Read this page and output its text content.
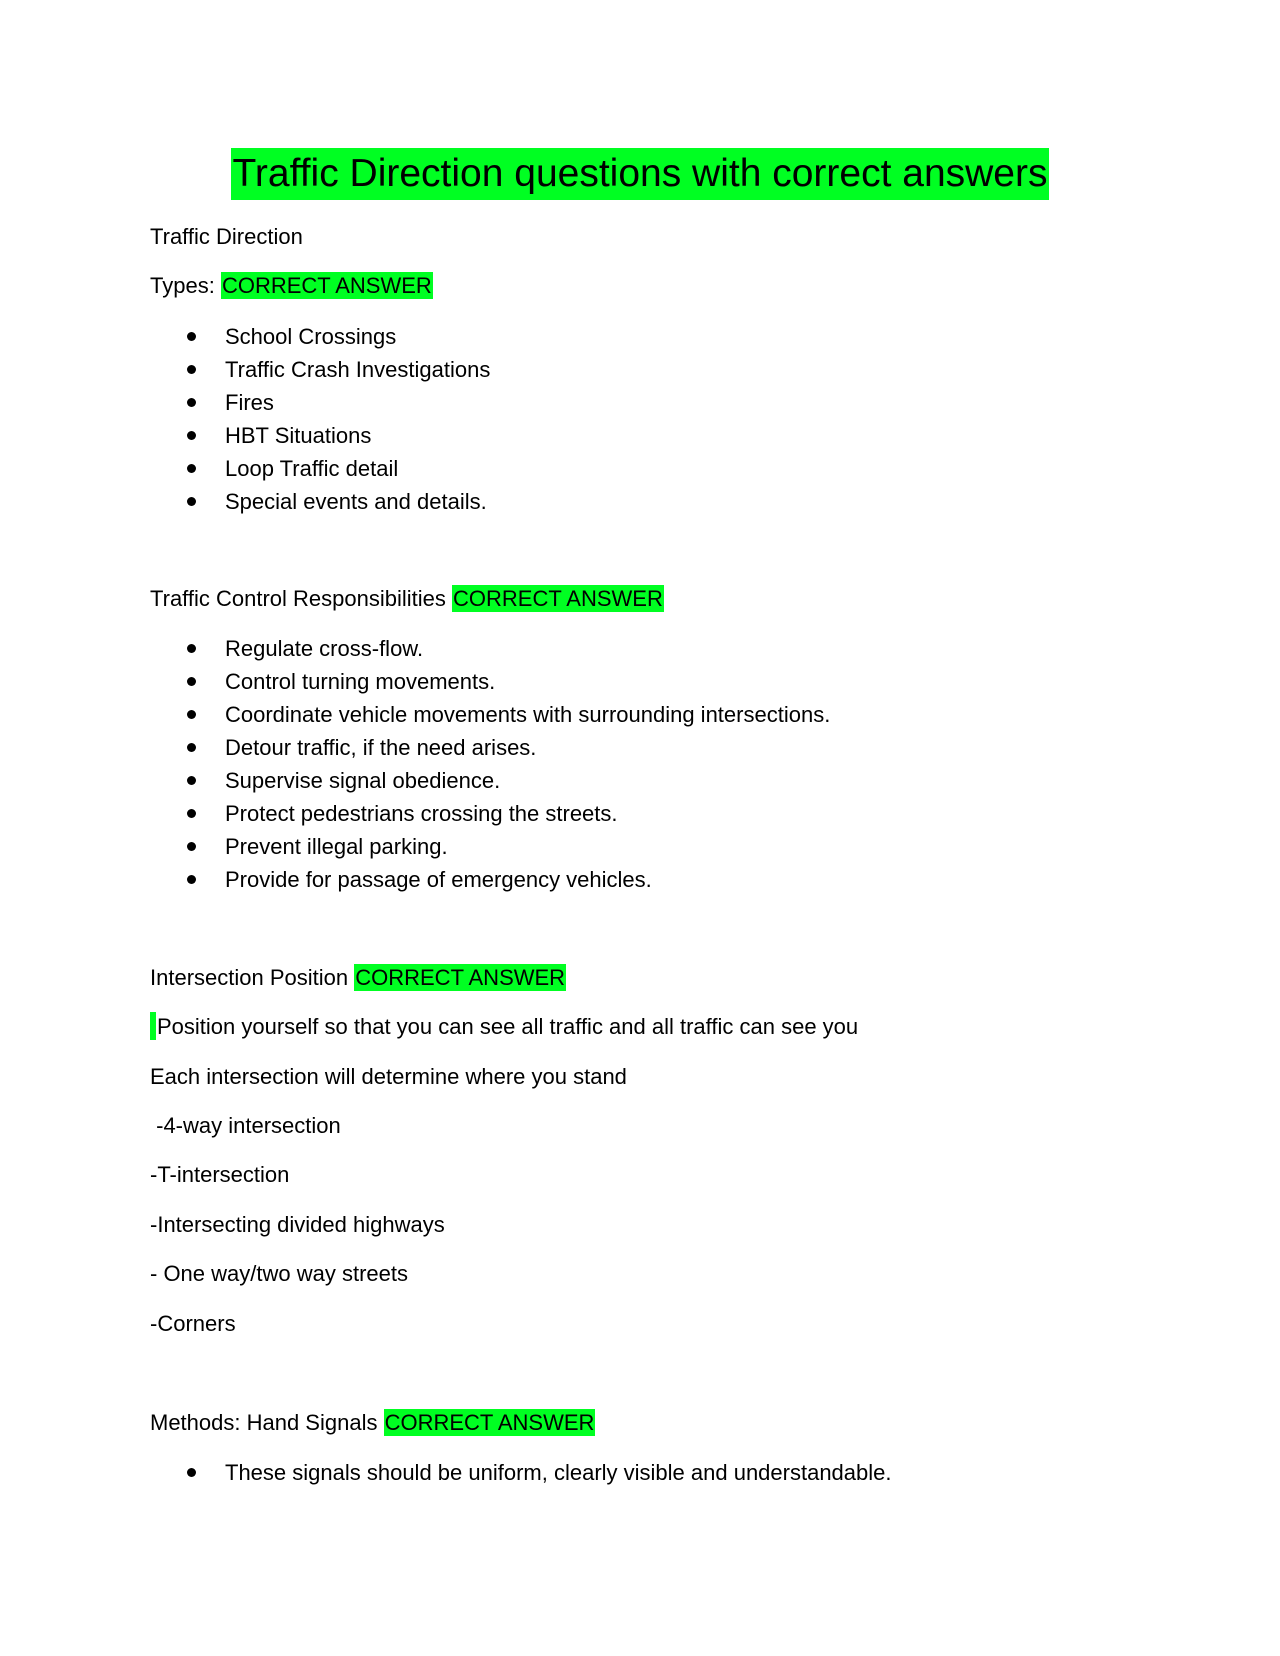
Traffic Direction questions with correct answers
Traffic Direction
Types: CORRECT ANSWER
School Crossings
Traffic Crash Investigations
Fires
HBT Situations
Loop Traffic detail
Special events and details.
Traffic Control Responsibilities CORRECT ANSWER
Regulate cross-flow.
Control turning movements.
Coordinate vehicle movements with surrounding intersections.
Detour traffic, if the need arises.
Supervise signal obedience.
Protect pedestrians crossing the streets.
Prevent illegal parking.
Provide for passage of emergency vehicles.
Intersection Position CORRECT ANSWER
Position yourself so that you can see all traffic and all traffic can see you
Each intersection will determine where you stand
-4-way intersection
-T-intersection
-Intersecting divided highways
- One way/two way streets
-Corners
Methods: Hand Signals CORRECT ANSWER
These signals should be uniform, clearly visible and understandable.
